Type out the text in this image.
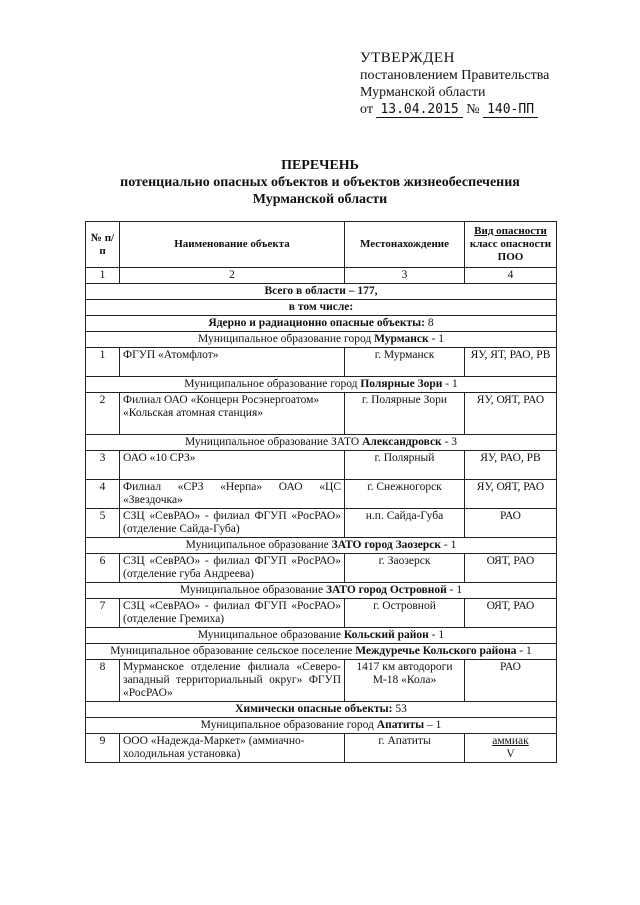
УТВЕРЖДЕН
постановлением Правительства
Мурманской области
от 13.04.2015 № 140-ПП
ПЕРЕЧЕНЬ
потенциально опасных объектов и объектов жизнеобеспечения
Мурманской области
№ п/п	Наименование объекта	Местонахождение	Вид опасности
класс опасности ПОО
1	2	3	4
Всего в области – 177,			
в том числе:			
Ядерно и радиационно опасные объекты: 8			
Муниципальное образование город Мурманск - 1			
1	ФГУП «Атомфлот»	г. Мурманск	ЯУ, ЯТ, РАО, РВ
Муниципальное образование город Полярные Зори - 1			
2	Филиал ОАО «Концерн Росэнергоатом» «Кольская атомная станция»	г. Полярные Зори	ЯУ, ОЯТ, РАО
Муниципальное образование ЗАТО Александровск - 3			
3	ОАО «10 СРЗ»	г. Полярный	ЯУ, РАО, РВ
4	Филиал «СРЗ «Нерпа» ОАО «ЦС «Звездочка»	г. Снежногорск	ЯУ, ОЯТ, РАО
5	СЗЦ «СевРАО» - филиал ФГУП «РосРАО» (отделение Сайда-Губа)	н.п. Сайда-Губа	РАО
Муниципальное образование ЗАТО город Заозерск - 1			
6	СЗЦ «СевРАО» - филиал ФГУП «РосРАО» (отделение губа Андреева)	г. Заозерск	ОЯТ, РАО
Муниципальное образование ЗАТО город Островной - 1			
7	СЗЦ «СевРАО» - филиал ФГУП «РосРАО» (отделение Гремиха)	г. Островной	ОЯТ, РАО
Муниципальное образование Кольский район - 1			
Муниципальное образование сельское поселение Междуречье Кольского района - 1			
8	Мурманское отделение филиала «Северо-западный территориальный округ» ФГУП «РосРАО»	1417 км автодороги М-18 «Кола»	РАО
Химически опасные объекты: 53			
Муниципальное образование город Апатиты – 1			
9	ООО «Надежда-Маркет» (аммиачно-холодильная установка)	г. Апатиты	аммиак
V
